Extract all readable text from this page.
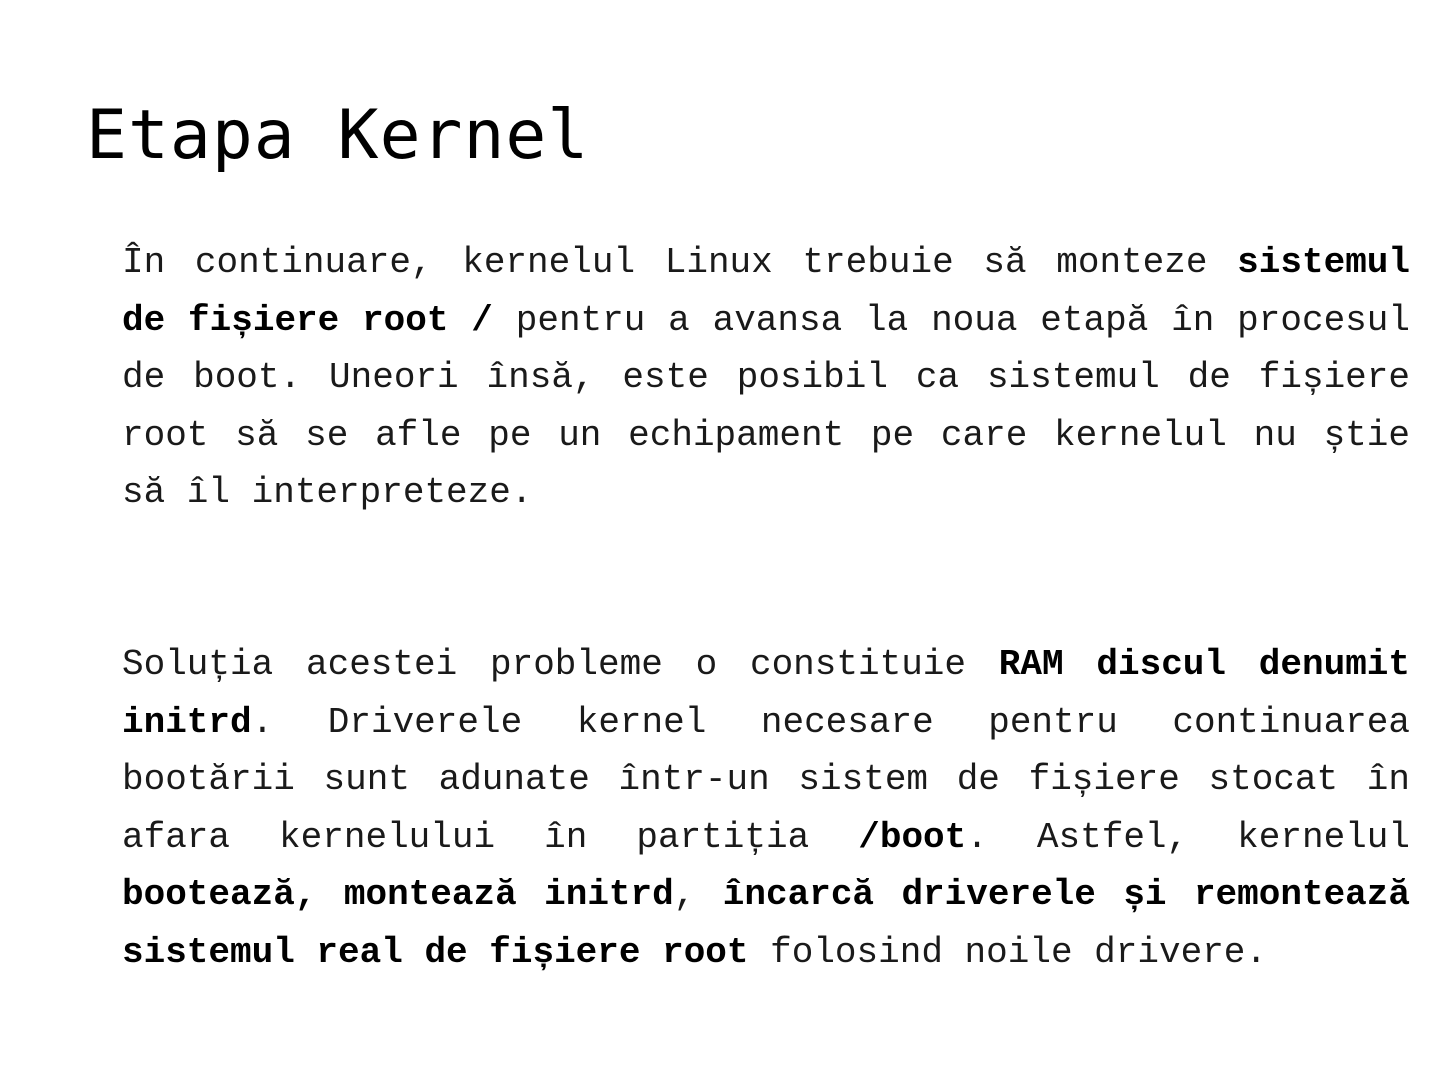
Etapa Kernel

În continuare, kernelul Linux trebuie să monteze sistemul de fișiere root / pentru a avansa la noua etapă în procesul de boot. Uneori însă, este posibil ca sistemul de fișiere root să se afle pe un echipament pe care kernelul nu știe să îl interpreteze.

Soluția acestei probleme o constituie RAM discul denumit initrd. Driverele kernel necesare pentru continuarea bootării sunt adunate într-un sistem de fișiere stocat în afara kernelului în partiția /boot. Astfel, kernelul bootează, montează initrd, încarcă driverele și remontează sistemul real de fișiere root folosind noile drivere.
